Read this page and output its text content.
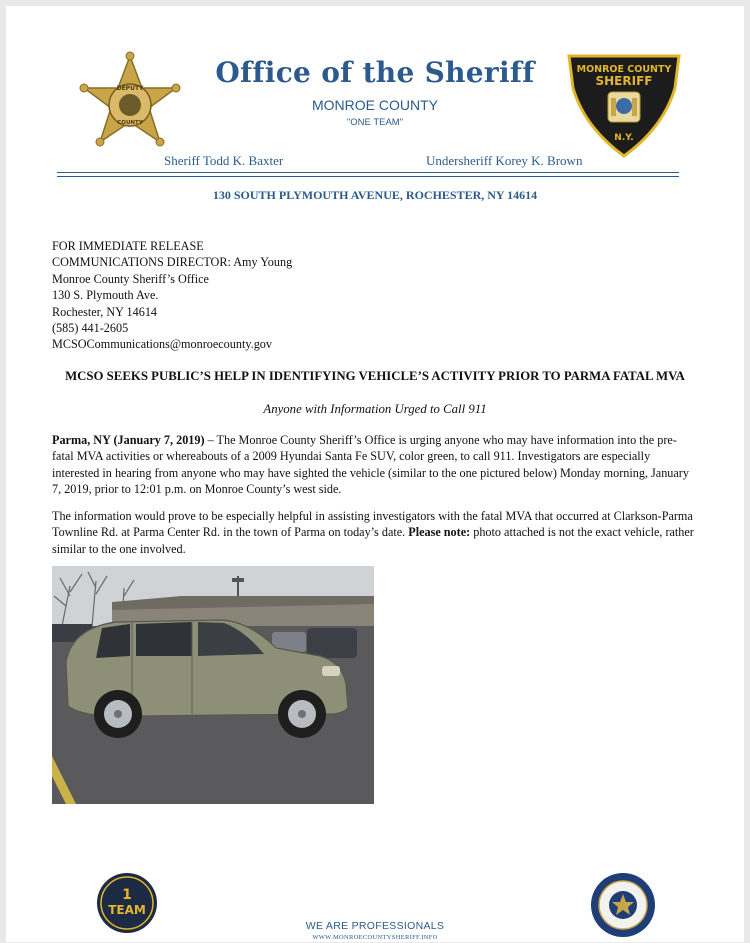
DEPUTY
COUNTY
Office of the Sheriff
MONROE COUNTY
"ONE TEAM"
MONROE COUNTY
SHERIFF
N.Y.
Sheriff Todd K. Baxter	Undersheriff Korey K. Brown
130 SOUTH PLYMOUTH AVENUE, ROCHESTER, NY 14614
FOR IMMEDIATE RELEASE
COMMUNICATIONS DIRECTOR: Amy Young
Monroe County Sheriff’s Office
130 S. Plymouth Ave.
Rochester, NY 14614
(585) 441-2605
MCSOCommunications@monroecounty.gov
MCSO SEEKS PUBLIC’S HELP IN IDENTIFYING VEHICLE’S ACTIVITY PRIOR TO PARMA FATAL MVA
Anyone with Information Urged to Call 911
Parma, NY (January 7, 2019) – The Monroe County Sheriff’s Office is urging anyone who may have information into the pre-fatal MVA activities or whereabouts of a 2009 Hyundai Santa Fe SUV, color green, to call 911. Investigators are especially interested in hearing from anyone who may have sighted the vehicle (similar to the one pictured below) Monday morning, January 7, 2019, prior to 12:01 p.m. on Monroe County’s west side.
The information would prove to be especially helpful in assisting investigators with the fatal MVA that occurred at Clarkson-Parma Townline Rd. at Parma Center Rd. in the town of Parma on today’s date. Please note: photo attached is not the exact vehicle, rather similar to the one involved.
1
TEAM
WE ARE PROFESSIONALS
WWW.MONROECOUNTYSHERIFF.INFO
